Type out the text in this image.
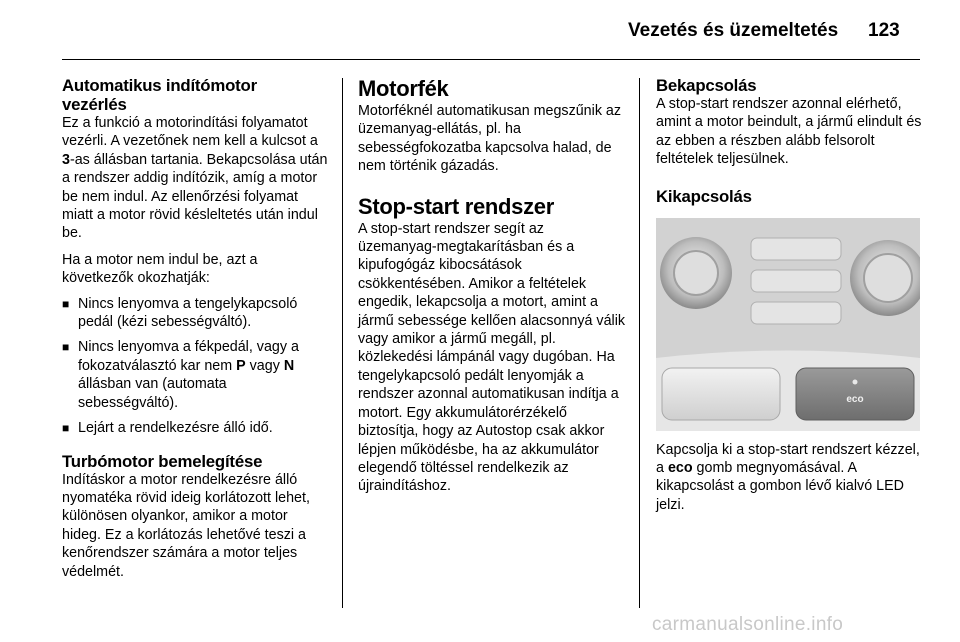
Vezetés és üzemeltetés 123
Automatikus indítómotor
vezérlés

Ez a funkció a motorindítási folyamatot vezérli. A vezetőnek nem kell a kulcsot a 3-as állásban tartania. Bekapcsolása után a rendszer addig indítózik, amíg a motor be nem indul. Az ellenőrzési folyamat miatt a motor rövid késleltetés után indul be.

Ha a motor nem indul be, azt a következők okozhatják:

■ Nincs lenyomva a tengelykapcsoló pedál (kézi sebességváltó).
■ Nincs lenyomva a fékpedál, vagy a fokozatválasztó kar nem P vagy N állásban van (automata sebességváltó).
■ Lejárt a rendelkezésre álló idő.
Turbómotor bemelegítése

Indításkor a motor rendelkezésre álló nyomatéka rövid ideig korlátozott lehet, különösen olyankor, amikor a motor hideg. Ez a korlátozás lehetővé teszi a kenőrendszer számára a motor teljes védelmét.

Motorfék

Motorféknél automatikusan megszűnik az üzemanyag-ellátás, pl. ha sebességfokozatba kapcsolva halad, de nem történik gázadás.

Stop-start rendszer

A stop-start rendszer segít az üzemanyag-megtakarításban és a kipufogógáz kibocsátások csökkentésében. Amikor a feltételek engedik, lekapcsolja a motort, amint a jármű sebessége kellően alacsonnyá válik vagy amikor a jármű megáll, pl. közlekedési lámpánál vagy dugóban. Ha tengelykapcsoló pedált lenyomják a rendszer azonnal automatikusan indítja a motort. Egy akkumulátorérzékelő biztosítja, hogy az Autostop csak akkor lépjen működésbe, ha az akkumulátor elegendő töltéssel rendelkezik az újraindításhoz.

Bekapcsolás

A stop-start rendszer azonnal elérhető, amint a motor beindult, a jármű elindult és az ebben a részben alább felsorolt feltételek teljesülnek.

Kikapcsolás
eco

Kapcsolja ki a stop-start rendszert kézzel, a eco gomb megnyomásával. A kikapcsolást a gombon lévő kialvó LED jelzi.

carmanualsonline.info
